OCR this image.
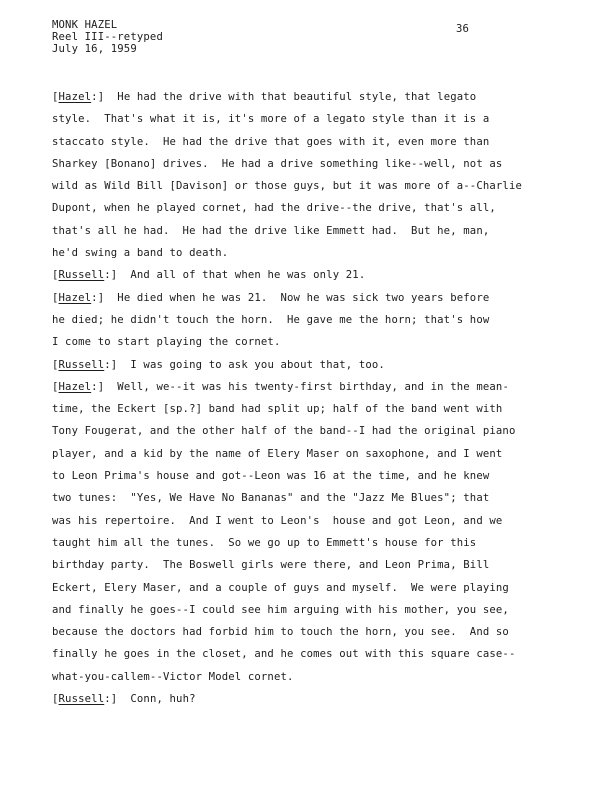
MONK HAZEL
Reel III--retyped
July 16, 1959
36
[Hazel:]  He had the drive with that beautiful style, that legato
style.  That's what it is, it's more of a legato style than it is a
staccato style.  He had the drive that goes with it, even more than
Sharkey [Bonano] drives.  He had a drive something like--well, not as
wild as Wild Bill [Davison] or those guys, but it was more of a--Charlie
Dupont, when he played cornet, had the drive--the drive, that's all,
that's all he had.  He had the drive like Emmett had.  But he, man,
he'd swing a band to death.
[Russell:]  And all of that when he was only 21.
[Hazel:]  He died when he was 21.  Now he was sick two years before
he died; he didn't touch the horn.  He gave me the horn; that's how
I come to start playing the cornet.
[Russell:]  I was going to ask you about that, too.
[Hazel:]  Well, we--it was his twenty-first birthday, and in the mean-
time, the Eckert [sp.?] band had split up; half of the band went with
Tony Fougerat, and the other half of the band--I had the original piano
player, and a kid by the name of Elery Maser on saxophone, and I went
to Leon Prima's house and got--Leon was 16 at the time, and he knew
two tunes:  "Yes, We Have No Bananas" and the "Jazz Me Blues"; that
was his repertoire.  And I went to Leon's  house and got Leon, and we
taught him all the tunes.  So we go up to Emmett's house for this
birthday party.  The Boswell girls were there, and Leon Prima, Bill
Eckert, Elery Maser, and a couple of guys and myself.  We were playing
and finally he goes--I could see him arguing with his mother, you see,
because the doctors had forbid him to touch the horn, you see.  And so
finally he goes in the closet, and he comes out with this square case--
what-you-callem--Victor Model cornet.
[Russell:]  Conn, huh?
